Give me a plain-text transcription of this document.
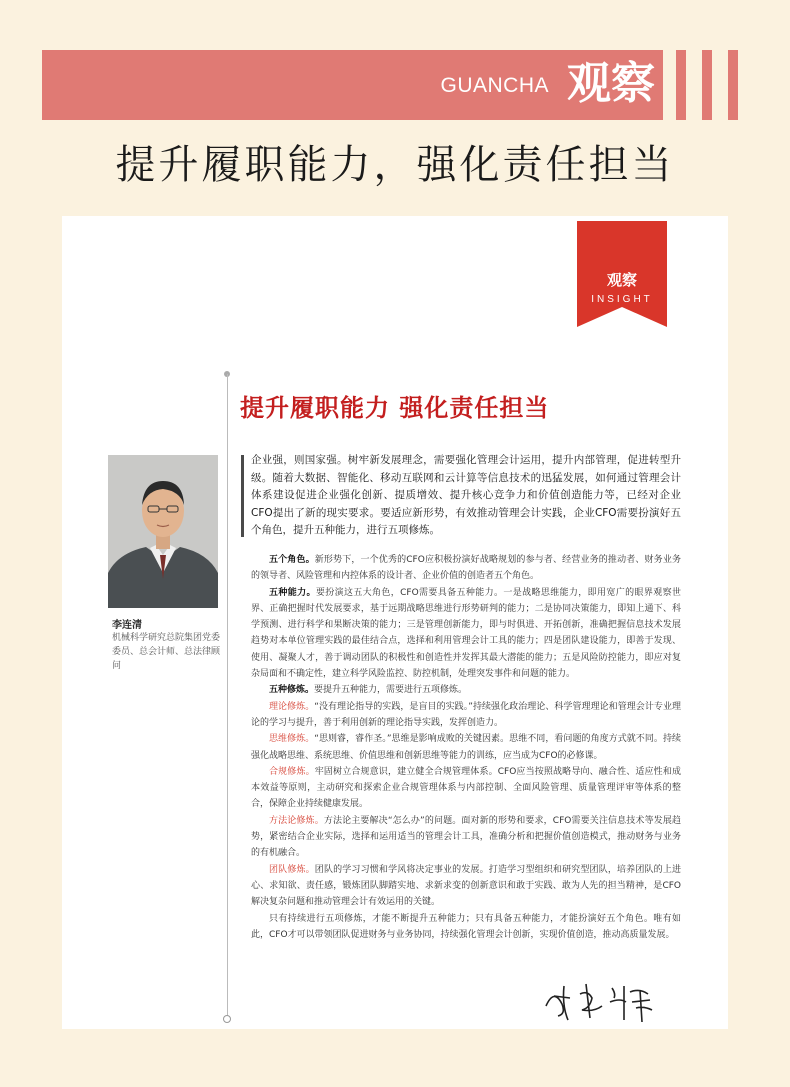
GUANCHA 观察
提升履职能力，强化责任担当
观察
INSIGHT
提升履职能力 强化责任担当
李连清
机械科学研究总院集团党委委员、总会计师、总法律顾问

企业强，则国家强。树牢新发展理念，需要强化管理会计运用，提升内部管理，促进转型升级。随着大数据、智能化、移动互联网和云计算等信息技术的迅猛发展，如何通过管理会计体系建设促进企业强化创新、提质增效、提升核心竞争力和价值创造能力等，已经对企业CFO提出了新的现实要求。要适应新形势，有效推动管理会计实践，企业CFO需要扮演好五个角色，提升五种能力，进行五项修炼。

五个角色。新形势下，一个优秀的CFO应积极扮演好战略规划的参与者、经营业务的推动者、财务业务的领导者、风险管理和内控体系的设计者、企业价值的创造者五个角色。

五种能力。要扮演这五大角色，CFO需要具备五种能力。一是战略思维能力，即用宽广的眼界观察世界、正确把握时代发展要求，基于远期战略思维进行形势研判的能力；二是协同决策能力，即知上通下、科学预测、进行科学和果断决策的能力；三是管理创新能力，即与时俱进、开拓创新，准确把握信息技术发展趋势对本单位管理实践的最佳结合点，选择和利用管理会计工具的能力；四是团队建设能力，即善于发现、使用、凝聚人才，善于调动团队的积极性和创造性并发挥其最大潜能的能力；五是风险防控能力，即应对复杂局面和不确定性，建立科学风险监控、防控机制，处理突发事件和问题的能力。

五种修炼。要提升五种能力，需要进行五项修炼。

理论修炼。“没有理论指导的实践，是盲目的实践。”持续强化政治理论、科学管理理论和管理会计专业理论的学习与提升，善于利用创新的理论指导实践，发挥创造力。

思维修炼。“思则睿，睿作圣。”思维是影响成败的关键因素。思维不同，看问题的角度方式就不同。持续强化战略思维、系统思维、价值思维和创新思维等能力的训练，应当成为CFO的必修课。

合规修炼。牢固树立合规意识，建立健全合规管理体系。CFO应当按照战略导向、融合性、适应性和成本效益等原则，主动研究和探索企业合规管理体系与内部控制、全面风险管理、质量管理评审等体系的整合，保障企业持续健康发展。

方法论修炼。方法论主要解决“怎么办”的问题。面对新的形势和要求，CFO需要关注信息技术等发展趋势，紧密结合企业实际，选择和运用适当的管理会计工具，准确分析和把握价值创造模式，推动财务与业务的有机融合。

团队修炼。团队的学习习惯和学风将决定事业的发展。打造学习型组织和研究型团队，培养团队的上进心、求知欲、责任感，锻炼团队脚踏实地、求新求变的创新意识和敢于实践、敢为人先的担当精神，是CFO解决复杂问题和推动管理会计有效运用的关键。

只有持续进行五项修炼，才能不断提升五种能力；只有具备五种能力，才能扮演好五个角色。唯有如此，CFO才可以带领团队促进财务与业务协同，持续强化管理会计创新，实现价值创造，推动高质量发展。
